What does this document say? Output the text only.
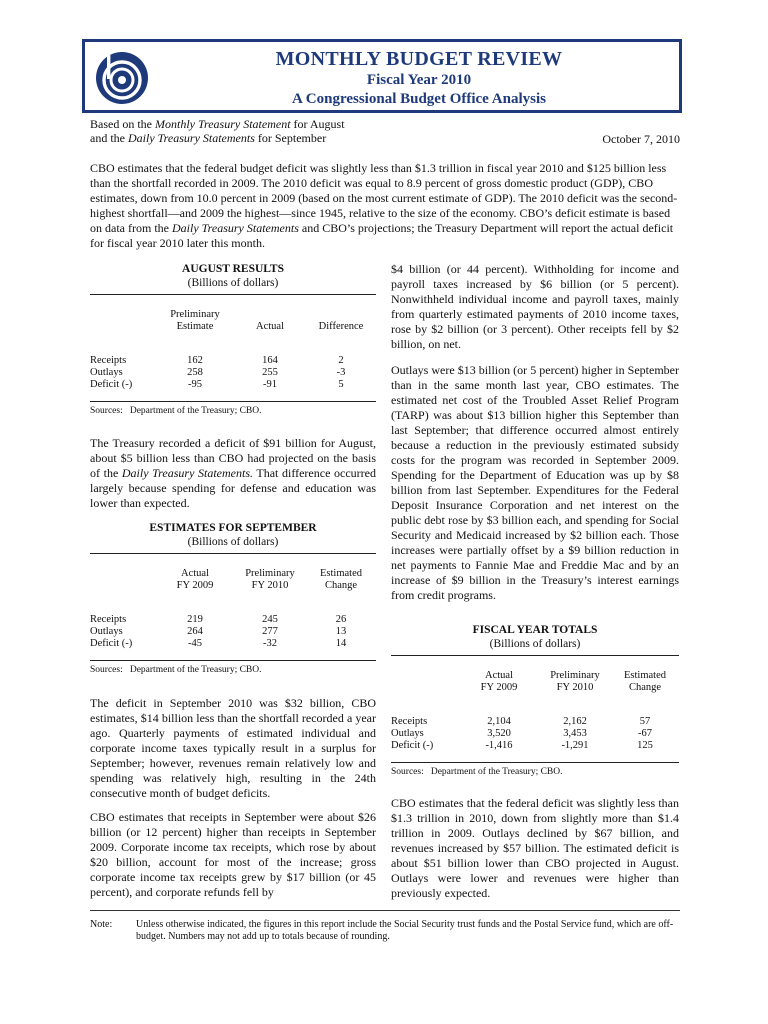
MONTHLY BUDGET REVIEW
Fiscal Year 2010
A Congressional Budget Office Analysis
Based on the Monthly Treasury Statement for August
and the Daily Treasury Statements for September	October 7, 2010
CBO estimates that the federal budget deficit was slightly less than $1.3 trillion in fiscal year 2010 and $125 billion less than the shortfall recorded in 2009. The 2010 deficit was equal to 8.9 percent of gross domestic product (GDP), CBO estimates, down from 10.0 percent in 2009 (based on the most current estimate of GDP). The 2010 deficit was the second-highest shortfall—and 2009 the highest—since 1945, relative to the size of the economy. CBO’s deficit estimate is based on data from the Daily Treasury Statements and CBO’s projections; the Treasury Department will report the actual deficit for fiscal year 2010 later this month.
AUGUST RESULTS
(Billions of dollars)
	Preliminary		
	Estimate	Actual	Difference

Receipts	162	164	2
Outlays	258	255	-3
Deficit (-)	-95	-91	5
Sources:   Department of the Treasury; CBO.

The Treasury recorded a deficit of $91 billion for August, about $5 billion less than CBO had projected on the basis of the Daily Treasury Statements. That difference occurred largely because spending for defense and education was lower than expected.

ESTIMATES FOR SEPTEMBER
(Billions of dollars)
	Actual	Preliminary	Estimated
	FY 2009	FY 2010	Change

Receipts	219	245	26
Outlays	264	277	13
Deficit (-)	-45	-32	14
Sources:   Department of the Treasury; CBO.

The deficit in September 2010 was $32 billion, CBO estimates, $14 billion less than the shortfall recorded a year ago. Quarterly payments of estimated individual and corporate income taxes typically result in a surplus for September; however, revenues remain relatively low and spending was relatively high, resulting in the 24th consecutive month of budget deficits.

CBO estimates that receipts in September were about $26 billion (or 12 percent) higher than receipts in September 2009. Corporate income tax receipts, which rose by about $20 billion, account for most of the increase; gross corporate income tax receipts grew by $17 billion (or 45 percent), and corporate refunds fell by

$4 billion (or 44 percent). Withholding for income and payroll taxes increased by $6 billion (or 5 percent). Nonwithheld individual income and payroll taxes, mainly from quarterly estimated payments of 2010 income taxes, rose by $2 billion (or 3 percent). Other receipts fell by $2 billion, on net.

Outlays were $13 billion (or 5 percent) higher in September than in the same month last year, CBO estimates. The estimated net cost of the Troubled Asset Relief Program (TARP) was about $13 billion higher this September than last September; that difference occurred almost entirely because a reduction in the previously estimated subsidy costs for the program was recorded in September 2009. Spending for the Department of Education was up by $8 billion from last September. Expenditures for the Federal Deposit Insurance Corporation and net interest on the public debt rose by $3 billion each, and spending for Social Security and Medicaid increased by $2 billion each. Those increases were partially offset by a $9 billion reduction in net payments to Fannie Mae and Freddie Mac and by an increase of $9 billion in the Treasury’s interest earnings from credit programs.

FISCAL YEAR TOTALS
(Billions of dollars)
	Actual	Preliminary	Estimated
	FY 2009	FY 2010	Change

Receipts	2,104	2,162	57
Outlays	3,520	3,453	-67
Deficit (-)	-1,416	-1,291	125
Sources:   Department of the Treasury; CBO.

CBO estimates that the federal deficit was slightly less than $1.3 trillion in 2010, down from slightly more than $1.4 trillion in 2009. Outlays declined by $67 billion, and revenues increased by $57 billion. The estimated deficit is about $51 billion lower than CBO projected in August. Outlays were lower and revenues were higher than previously expected.

Note: Unless otherwise indicated, the figures in this report include the Social Security trust funds and the Postal Service fund, which are off-budget. Numbers may not add up to totals because of rounding.
